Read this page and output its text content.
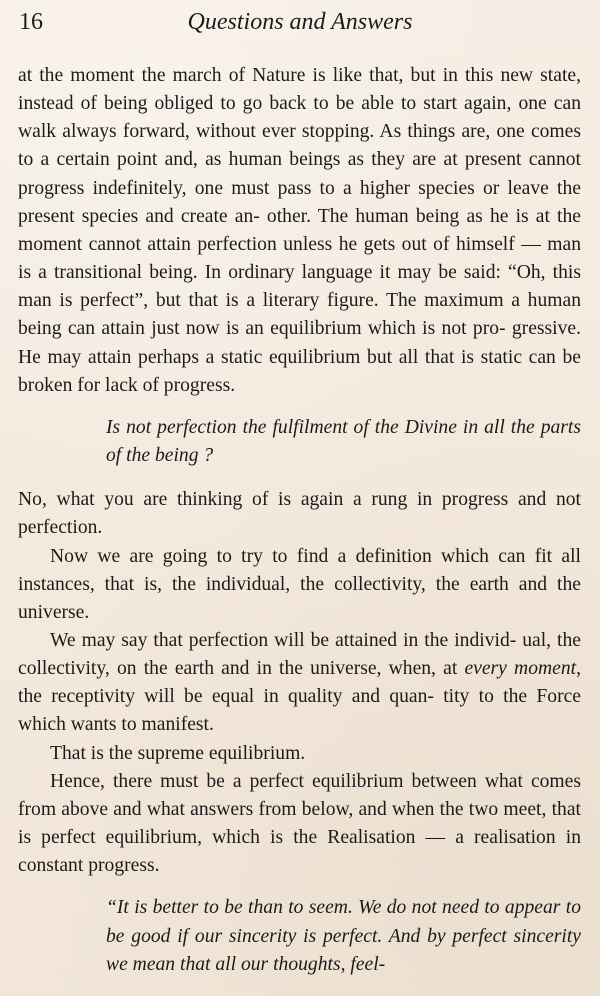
16	Questions and Answers

at the moment the march of Nature is like that, but in this new state, instead of being obliged to go back to be able to start again, one can walk always forward, without ever stopping. As things are, one comes to a certain point and, as human beings as they are at present cannot progress indefinitely, one must pass to a higher species or leave the present species and create an- other. The human being as he is at the moment cannot attain perfection unless he gets out of himself — man is a transitional being. In ordinary language it may be said: “Oh, this man is perfect”, but that is a literary figure. The maximum a human being can attain just now is an equilibrium which is not pro- gressive. He may attain perhaps a static equilibrium but all that is static can be broken for lack of progress.

Is not perfection the fulfilment of the Divine in all the parts of the being ?

No, what you are thinking of is again a rung in progress and not perfection.

Now we are going to try to find a definition which can fit all instances, that is, the individual, the collectivity, the earth and the universe.

We may say that perfection will be attained in the individ- ual, the collectivity, on the earth and in the universe, when, at every moment, the receptivity will be equal in quality and quan- tity to the Force which wants to manifest.

That is the supreme equilibrium.

Hence, there must be a perfect equilibrium between what comes from above and what answers from below, and when the two meet, that is perfect equilibrium, which is the Realisation — a realisation in constant progress.

“It is better to be than to seem. We do not need to appear to be good if our sincerity is perfect. And by perfect sincerity we mean that all our thoughts, feel-
